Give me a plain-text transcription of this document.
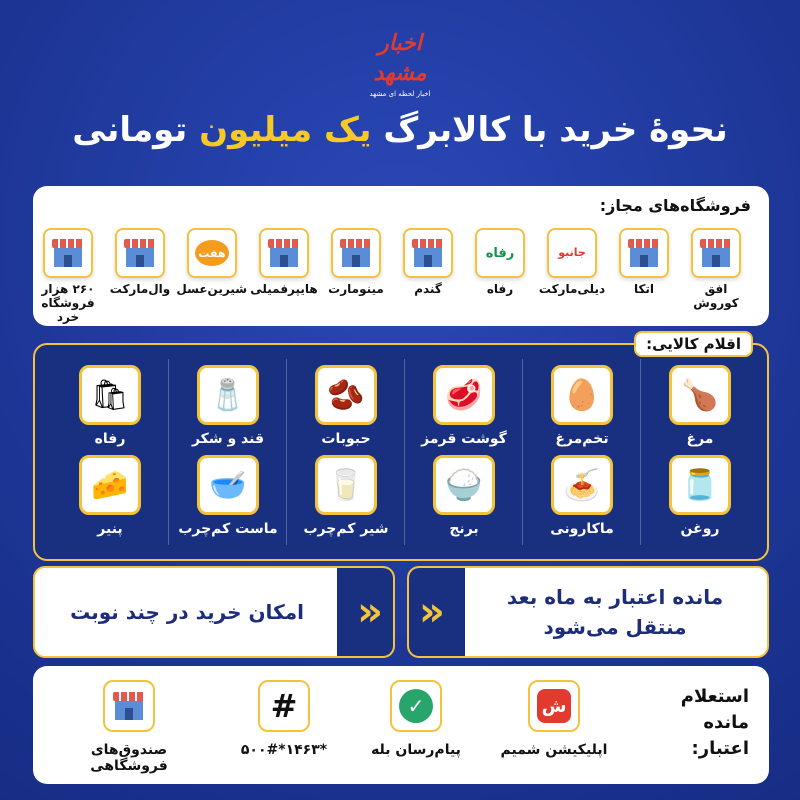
اخبار مشهد
اخبار لحظه ای مشهد
نحوهٔ خرید با کالابرگ یک میلیون تومانی
فروشگاه‌های مجاز:
افق کوروش
اتکا
جانبو
دیلی‌مارکت
رفاه
رفاه
گندم
مینومارت
هایپرفمیلی
هفت
شیرین‌عسل
وال‌مارکت
۲۶۰ هزار فروشگاه خرد
اقلام کالایی:
🍗
مرغ
🥚
تخم‌مرغ
🥩
گوشت قرمز
🫘
حبوبات
🧂
قند و شکر
🛍
رفاه
🫙
روغن
🍝
ماکارونی
🍚
برنج
🥛
شیر کم‌چرب
🥣
ماست کم‌چرب
🧀
پنیر
«	مانده اعتبار به ماه بعد
منتقل می‌شود
«
امکان خرید در چند نوبت
استعلام مانده
اعتبار:
ش
اپلیکیشن شمیم
✓
پیام‌رسان بله
#
*۱۴۶۳*۵۰۰#
صندوق‌های فروشگاهی
